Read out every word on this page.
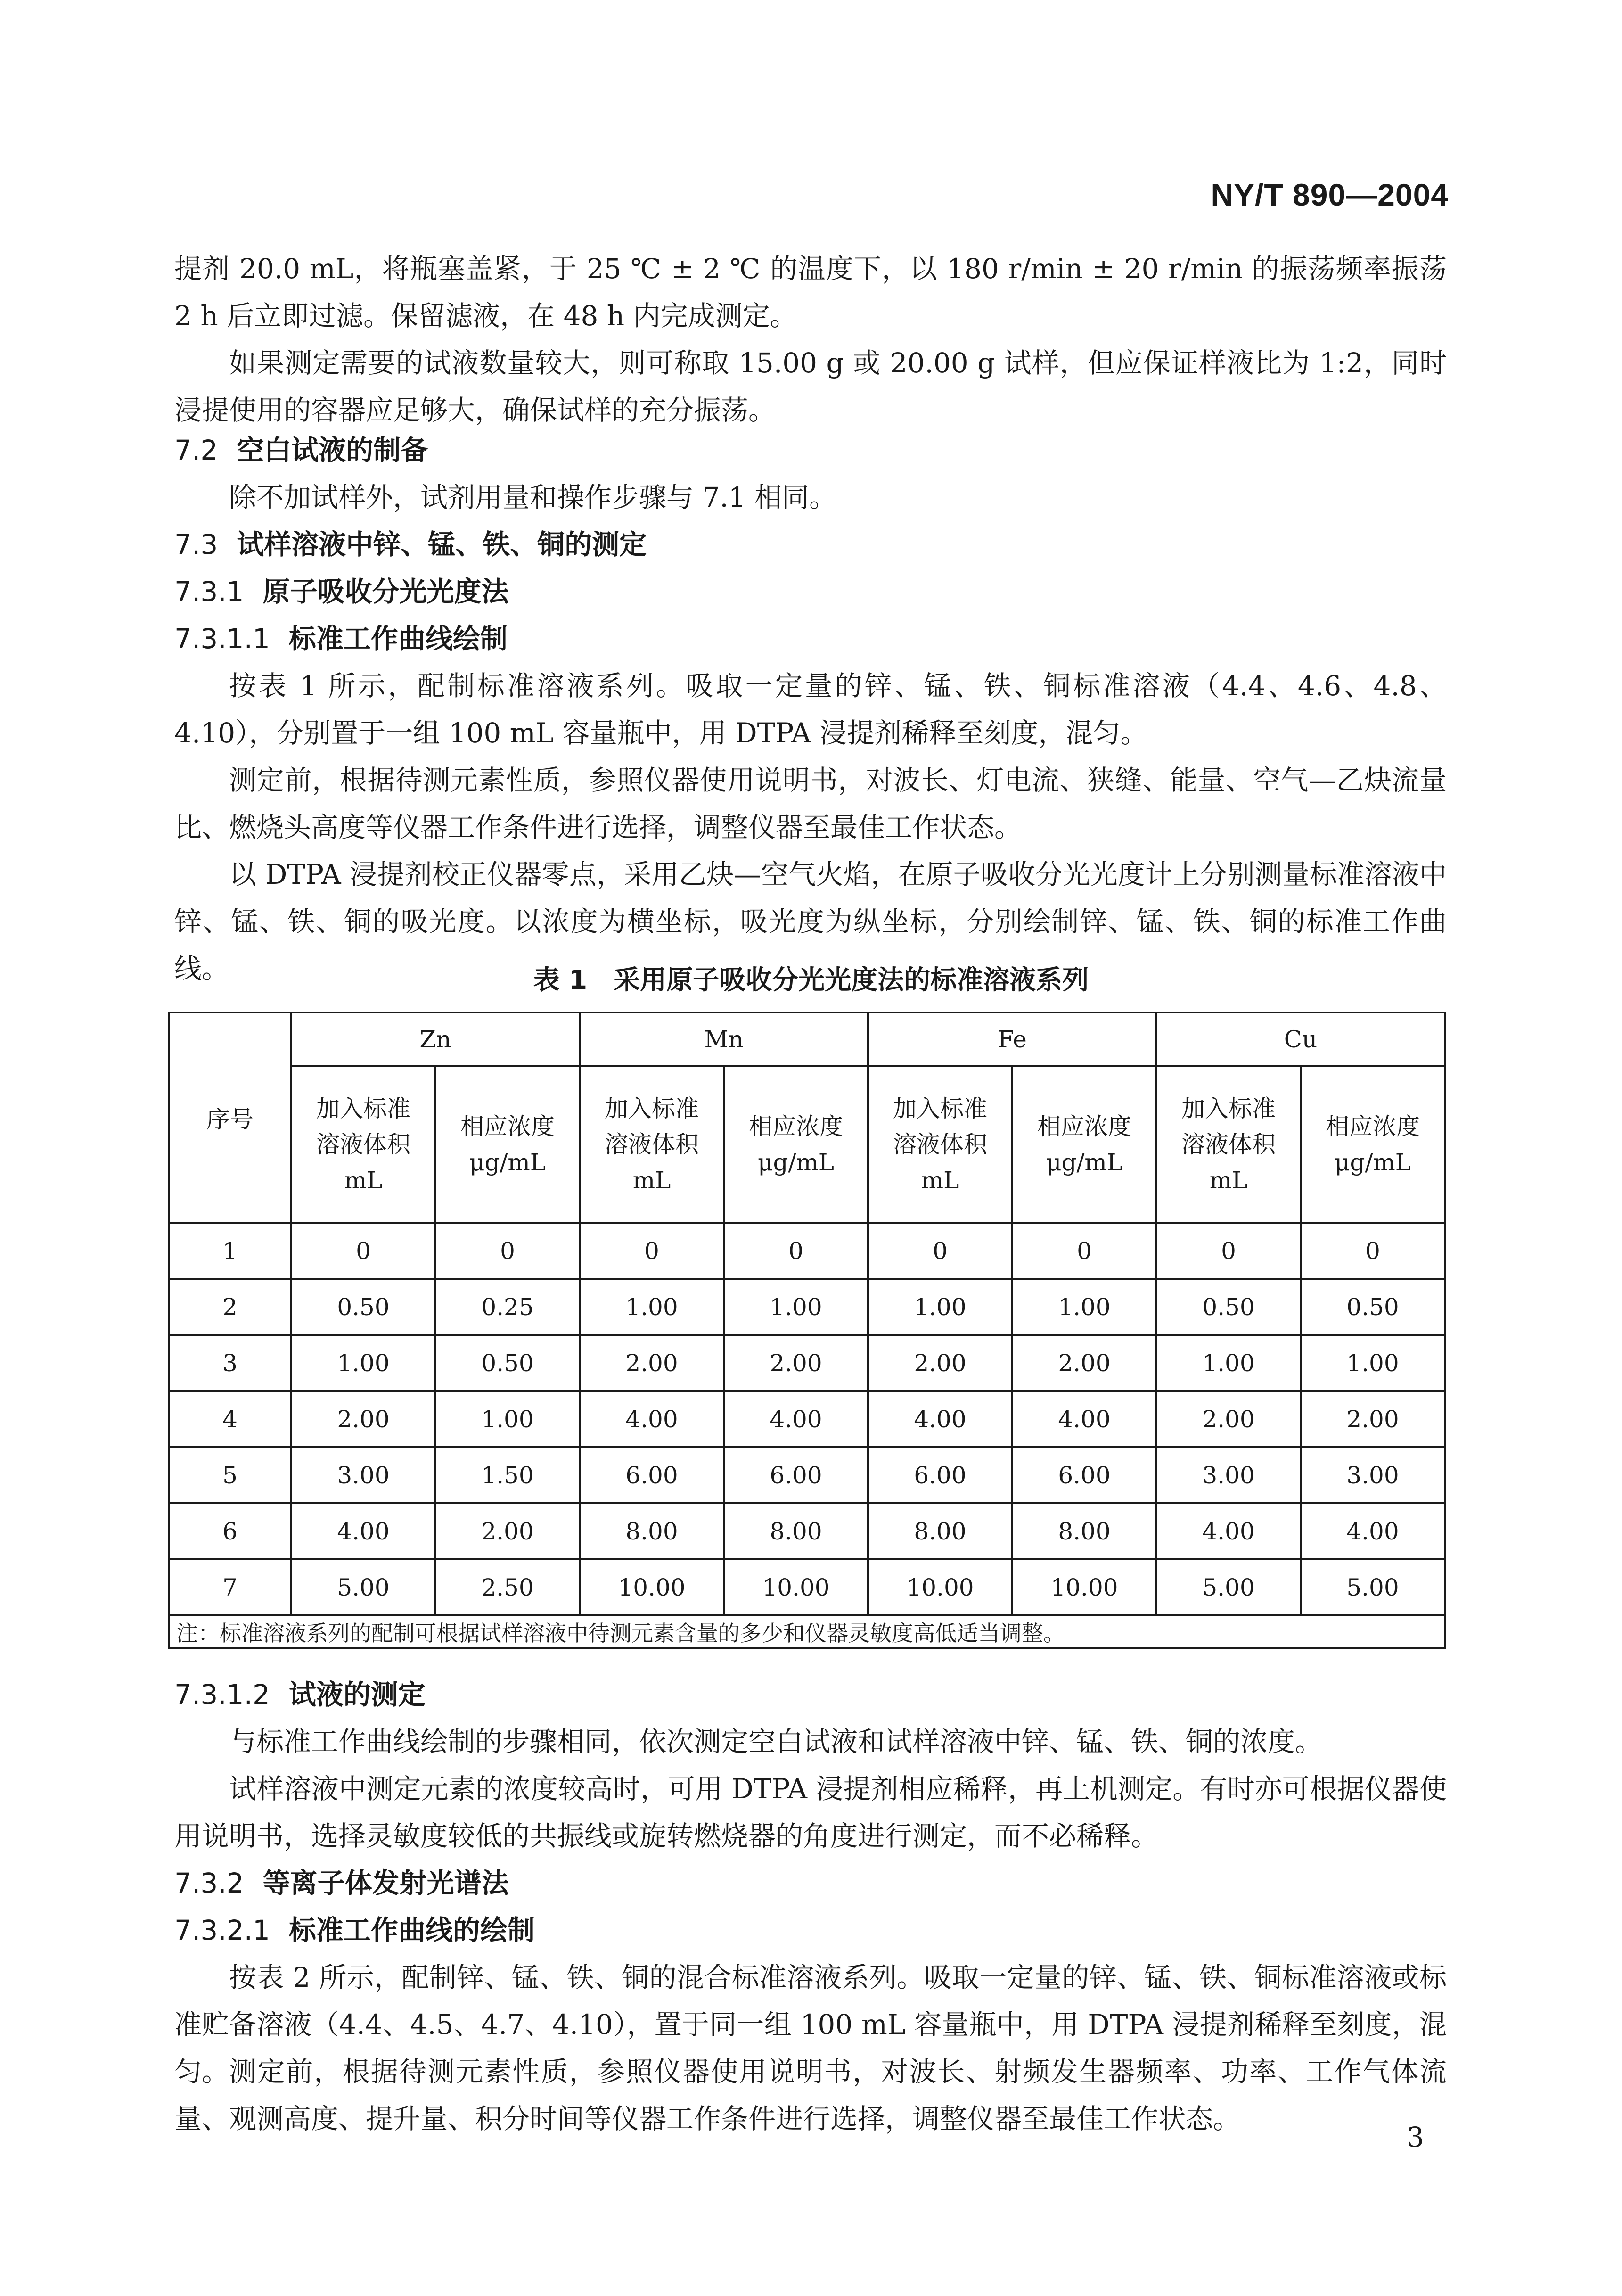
NY/T 890—2004
提剂 20.0 mL，将瓶塞盖紧，于 25 ℃ ± 2 ℃ 的温度下，以 180 r/min ± 20 r/min 的振荡频率振荡 2 h 后立即过滤。保留滤液，在 48 h 内完成测定。
如果测定需要的试液数量较大，则可称取 15.00 g 或 20.00 g 试样，但应保证样液比为 1:2，同时浸提使用的容器应足够大，确保试样的充分振荡。
7.2 空白试液的制备
除不加试样外，试剂用量和操作步骤与 7.1 相同。
7.3 试样溶液中锌、锰、铁、铜的测定
7.3.1 原子吸收分光光度法
7.3.1.1 标准工作曲线绘制
按表 1 所示，配制标准溶液系列。吸取一定量的锌、锰、铁、铜标准溶液（4.4、4.6、4.8、4.10），分别置于一组 100 mL 容量瓶中，用 DTPA 浸提剂稀释至刻度，混匀。
测定前，根据待测元素性质，参照仪器使用说明书，对波长、灯电流、狭缝、能量、空气—乙炔流量比、燃烧头高度等仪器工作条件进行选择，调整仪器至最佳工作状态。
以 DTPA 浸提剂校正仪器零点，采用乙炔—空气火焰，在原子吸收分光光度计上分别测量标准溶液中锌、锰、铁、铜的吸光度。以浓度为横坐标，吸光度为纵坐标，分别绘制锌、锰、铁、铜的标准工作曲线。	表 1　采用原子吸收分光光度法的标准溶液系列
序号	Zn		Mn		Fe		Cu	
	加入标准
溶液体积
mL	相应浓度
μg/mL	加入标准
溶液体积
mL	相应浓度
μg/mL	加入标准
溶液体积
mL	相应浓度
μg/mL	加入标准
溶液体积
mL	相应浓度
μg/mL
1	0	0	0	0	0	0	0	0
2	0.50	0.25	1.00	1.00	1.00	1.00	0.50	0.50
3	1.00	0.50	2.00	2.00	2.00	2.00	1.00	1.00
4	2.00	1.00	4.00	4.00	4.00	4.00	2.00	2.00
5	3.00	1.50	6.00	6.00	6.00	6.00	3.00	3.00
6	4.00	2.00	8.00	8.00	8.00	8.00	4.00	4.00
7	5.00	2.50	10.00	10.00	10.00	10.00	5.00	5.00
注：标准溶液系列的配制可根据试样溶液中待测元素含量的多少和仪器灵敏度高低适当调整。								
7.3.1.2 试液的测定
与标准工作曲线绘制的步骤相同，依次测定空白试液和试样溶液中锌、锰、铁、铜的浓度。
试样溶液中测定元素的浓度较高时，可用 DTPA 浸提剂相应稀释，再上机测定。有时亦可根据仪器使用说明书，选择灵敏度较低的共振线或旋转燃烧器的角度进行测定，而不必稀释。
7.3.2 等离子体发射光谱法
7.3.2.1 标准工作曲线的绘制
按表 2 所示，配制锌、锰、铁、铜的混合标准溶液系列。吸取一定量的锌、锰、铁、铜标准溶液或标准贮备溶液（4.4、4.5、4.7、4.10），置于同一组 100 mL 容量瓶中，用 DTPA 浸提剂稀释至刻度，混匀。 测定前，根据待测元素性质，参照仪器使用说明书，对波长、射频发生器频率、功率、工作气体流量、观测高度、提升量、积分时间等仪器工作条件进行选择，调整仪器至最佳工作状态。
3
